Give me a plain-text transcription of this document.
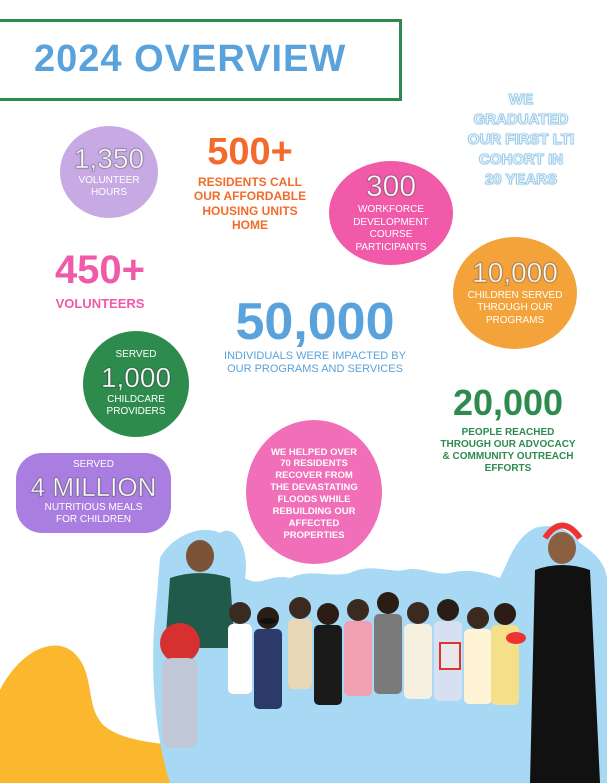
2024 OVERVIEW
1,350
VOLUNTEER
HOURS
500+
RESIDENTS CALL
OUR AFFORDABLE
HOUSING UNITS
HOME
300
WORKFORCE
DEVELOPMENT
COURSE
PARTICIPANTS
WE
GRADUATED
OUR FIRST LTI
COHORT IN
20 YEARS
450+
VOLUNTEERS
10,000
CHILDREN SERVED
THROUGH OUR
PROGRAMS
50,000
INDIVIDUALS WERE IMPACTED BY
OUR PROGRAMS AND SERVICES
SERVED
1,000
CHILDCARE
PROVIDERS	20,000
PEOPLE REACHED
THROUGH OUR ADVOCACY
& COMMUNITY OUTREACH
EFFORTS
SERVED
4 MILLION
NUTRITIOUS MEALS
FOR CHILDREN
WE HELPED OVER
70 RESIDENTS
RECOVER FROM
THE DEVASTATING
FLOODS WHILE
REBUILDING OUR
AFFECTED
PROPERTIES
